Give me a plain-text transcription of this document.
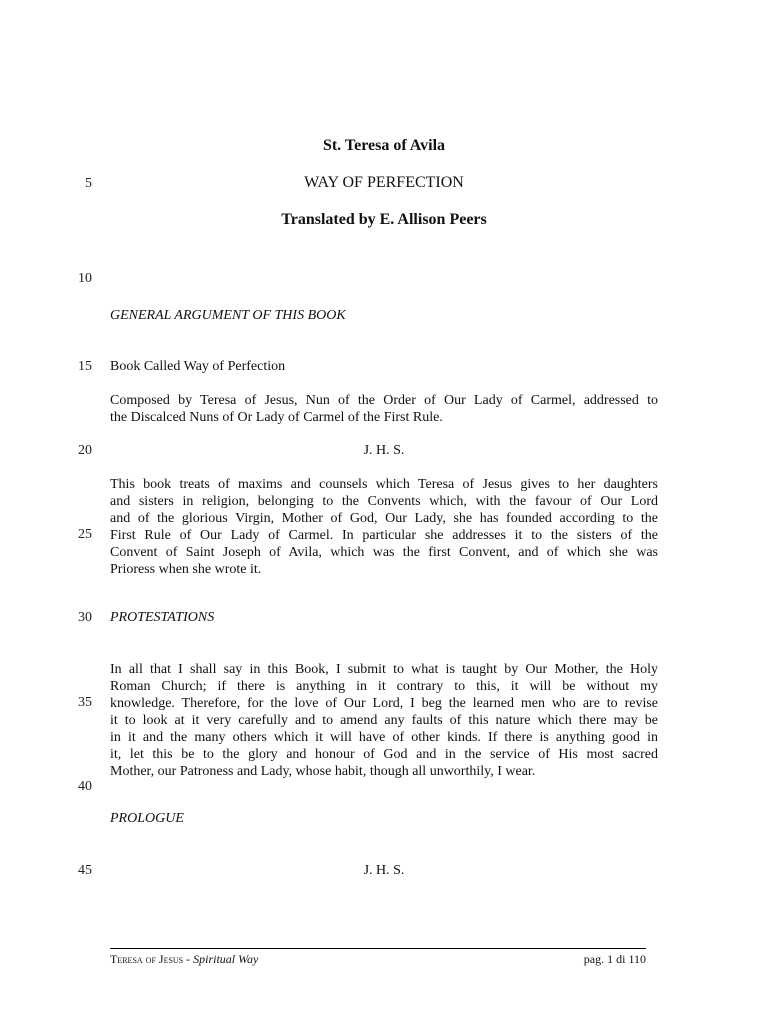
St. Teresa of Avila
WAY OF PERFECTION
Translated by E. Allison Peers
5
10
15
20
25
30
35
40
45
GENERAL ARGUMENT OF THIS BOOK
Book Called Way of Perfection
Composed by Teresa of Jesus, Nun of the Order of Our Lady of Carmel, addressed to
the Discalced Nuns of Or Lady of Carmel of the First Rule.
J. H. S.
This book treats of maxims and counsels which Teresa of Jesus gives to her daughters
and sisters in religion, belonging to the Convents which, with the favour of Our Lord
and of the glorious Virgin, Mother of God, Our Lady, she has founded according to the
First Rule of Our Lady of Carmel. In particular she addresses it to the sisters of the
Convent of Saint Joseph of Avila, which was the first Convent, and of which she was
Prioress when she wrote it.
PROTESTATIONS
In all that I shall say in this Book, I submit to what is taught by Our Mother, the Holy
Roman Church; if there is anything in it contrary to this, it will be without my
knowledge. Therefore, for the love of Our Lord, I beg the learned men who are to revise
it to look at it very carefully and to amend any faults of this nature which there may be
in it and the many others which it will have of other kinds. If there is anything good in
it, let this be to the glory and honour of God and in the service of His most sacred
Mother, our Patroness and Lady, whose habit, though all unworthily, I wear.
PROLOGUE
J. H. S.
Teresa of Jesus - Spiritual Way	pag. 1 di 110
